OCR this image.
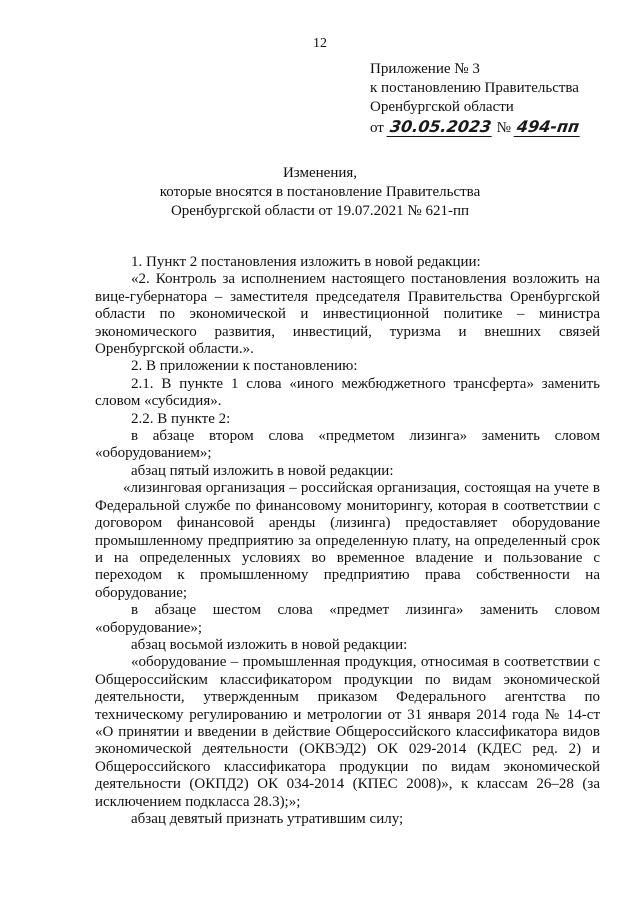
12
Приложение № 3
к постановлению Правительства
Оренбургской области
от 30.05.2023 № 494-пп
Изменения,
которые вносятся в постановление Правительства
Оренбургской области от 19.07.2021 № 621-пп

1. Пункт 2 постановления изложить в новой редакции:

«2. Контроль за исполнением настоящего постановления возложить на вице-губернатора – заместителя председателя Правительства Оренбургской области по экономической и инвестиционной политике – министра экономического развития, инвестиций, туризма и внешних связей Оренбургской области.».

2. В приложении к постановлению:

2.1. В пункте 1 слова «иного межбюджетного трансферта» заменить словом «субсидия».

2.2. В пункте 2:

в абзаце втором слова «предметом лизинга» заменить словом «оборудованием»;

абзац пятый изложить в новой редакции:

«лизинговая организация – российская организация, состоящая на учете в Федеральной службе по финансовому мониторингу, которая в соответствии с договором финансовой аренды (лизинга) предоставляет оборудование промышленному предприятию за определенную плату, на определенный срок и на определенных условиях во временное владение и пользование с переходом к промышленному предприятию права собственности на оборудование;

в абзаце шестом слова «предмет лизинга» заменить словом «оборудование»;

абзац восьмой изложить в новой редакции:

«оборудование – промышленная продукция, относимая в соответствии с Общероссийским классификатором продукции по видам экономической деятельности, утвержденным приказом Федерального агентства по техническому регулированию и метрологии от 31 января 2014 года № 14-ст «О принятии и введении в действие Общероссийского классификатора видов экономической деятельности (ОКВЭД2) ОК 029-2014 (КДЕС ред. 2) и Общероссийского классификатора продукции по видам экономической деятельности (ОКПД2) ОК 034-2014 (КПЕС 2008)», к классам 26–28 (за исключением подкласса 28.3);»;

абзац девятый признать утратившим силу;
